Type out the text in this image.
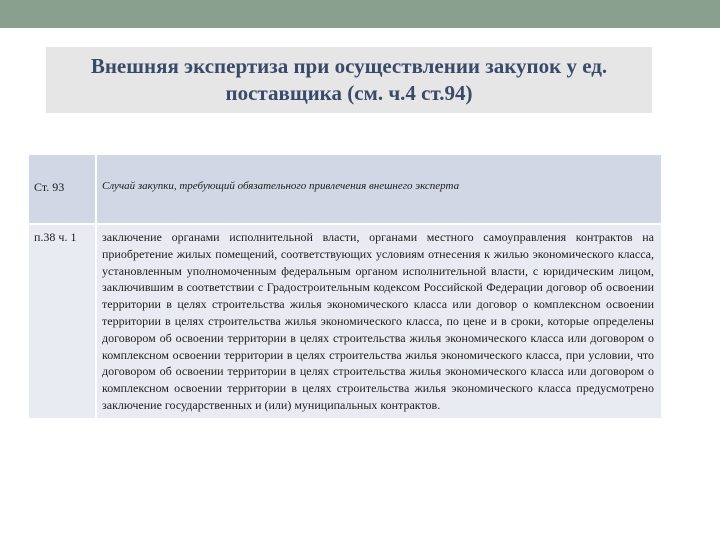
Внешняя экспертиза при осуществлении закупок у ед. поставщика (см. ч.4 ст.94)
Ст. 93	Случай закупки, требующий обязательного привлечения внешнего эксперта

п.38 ч. 1	заключение органами исполнительной власти, органами местного самоуправления контрактов на приобретение жилых помещений, соответствующих условиям отнесения к жилью экономического класса, установленным уполномоченным федеральным органом исполнительной власти, с юридическим лицом, заключившим в соответствии с Градостроительным кодексом Российской Федерации договор об освоении территории в целях строительства жилья экономического класса или договор о комплексном освоении территории в целях строительства жилья экономического класса, по цене и в сроки, которые определены договором об освоении территории в целях строительства жилья экономического класса или договором о комплексном освоении территории в целях строительства жилья экономического класса, при условии, что договором об освоении территории в целях строительства жилья экономического класса или договором о комплексном освоении территории в целях строительства жилья экономического класса предусмотрено заключение государственных и (или) муниципальных контрактов.
